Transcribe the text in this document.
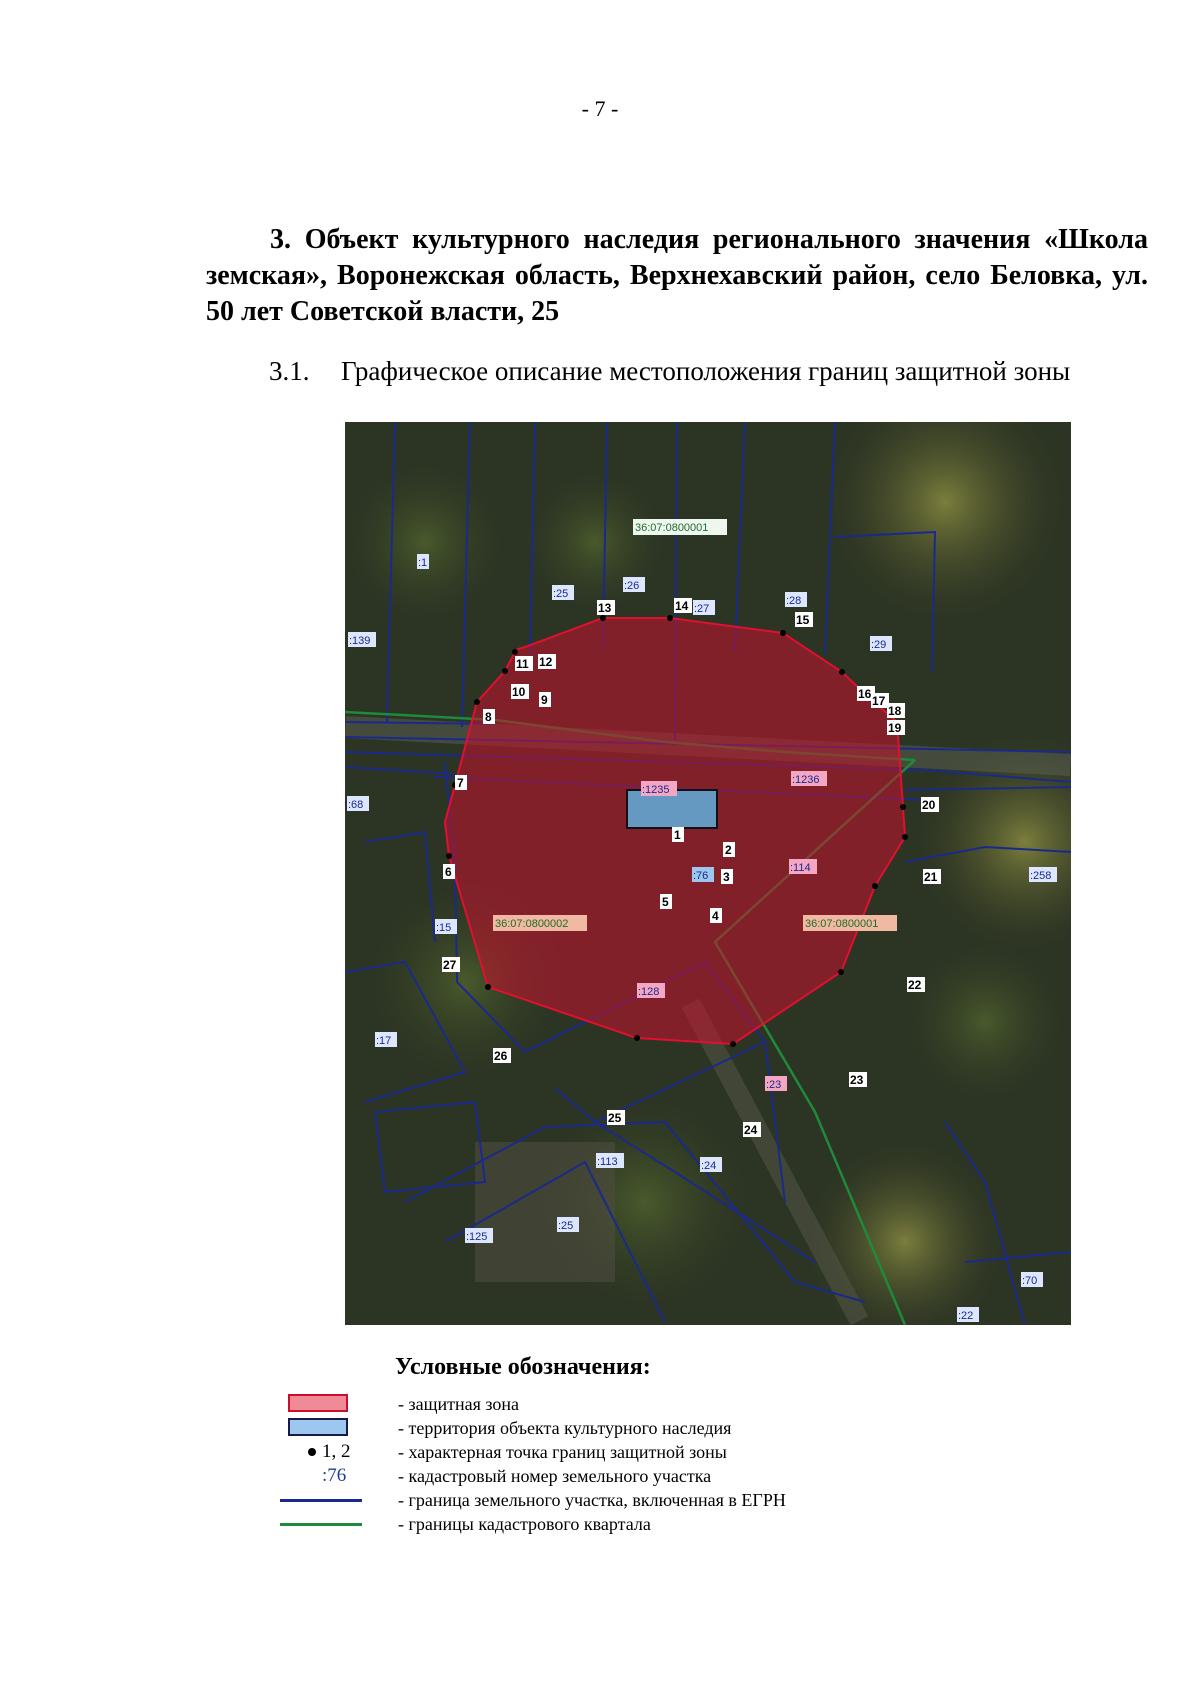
- 7 -

3. Объект культурного наследия регионального значения «Школа земская», Воронежская область, Верхнехавский район, село Беловка, ул. 50 лет Советской власти, 25

3.1. Графическое описание местоположения границ защитной зоны

36:07:0800001
36:07:0800002	36:07:0800001
:1
:25
:26
:27
:28
:139	:29
:1235
:1236
:68
:114
:76	:258
:15
:17
:128
:23
:113	:24
:125
:25
:70
:22
1
2
3
4
5
6
7
8
9
10
11 12
13	14
15
16 17
18
19
20
21
22
23
24
25
26
27

Условные обозначения:

- защитная зона
- территория объекта культурного наследия
1, 2	- характерная точка границ защитной зоны
:76	- кадастровый номер земельного участка
- граница земельного участка, включенная в ЕГРН
- границы кадастрового квартала
